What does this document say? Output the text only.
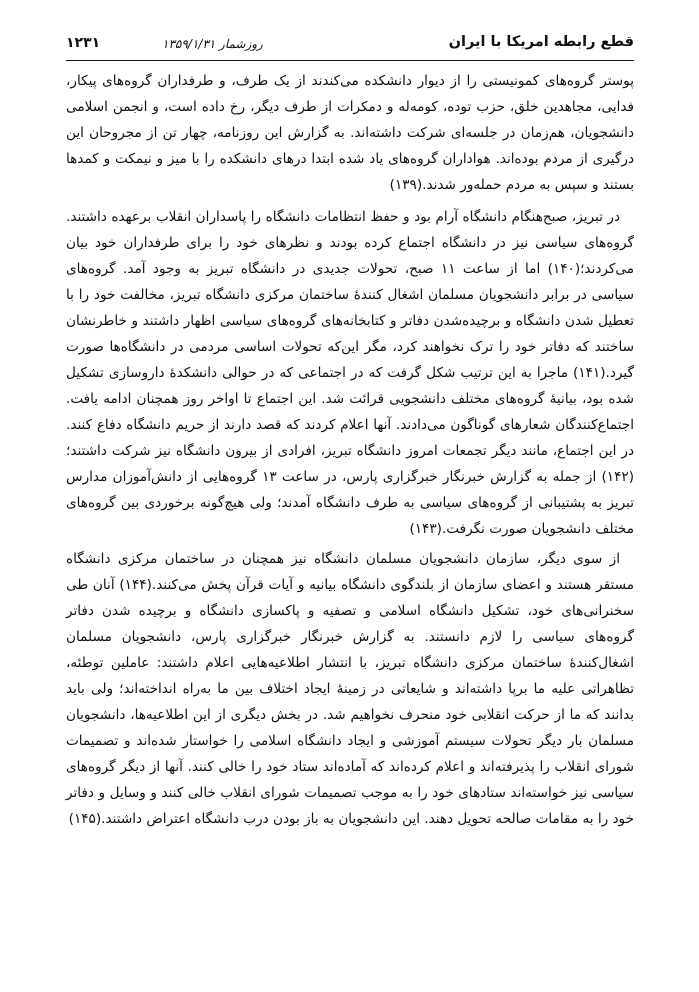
قطع رابطه امریکا با ایران
روزشمار ۱۳۵۹/۱/۳۱
۱۲۳۱

پوستر گروه‌های کمونیستی را از دیوار دانشکده می‌کندند از یک طرف، و طرفداران گروه‌های پیکار، فدایی، مجاهدین خلق، حزب توده، کومه‌له و دمکرات از طرف دیگر، رخ داده است، و انجمن اسلامی دانشجویان، هم‌زمان در جلسه‌ای شرکت داشته‌اند. به گزارش این روزنامه، چهار تن از مجروحان این درگیری از مردم بوده‌اند. هواداران گروه‌های یاد شده ابتدا درهای دانشکده را با میز و نیمکت و کمدها بستند و سپس به مردم حمله‌ور شدند.(۱۳۹)

در تبریز، صبح‌هنگام دانشگاه آرام بود و حفظ انتظامات دانشگاه را پاسداران انقلاب برعهده داشتند. گروه‌های سیاسی نیز در دانشگاه اجتماع کرده بودند و نظرهای خود را برای طرفداران خود بیان می‌کردند؛(۱۴۰) اما از ساعت ۱۱ صبح، تحولات جدیدی در دانشگاه تبریز به وجود آمد. گروه‌های سیاسی در برابر دانشجویان مسلمان اشغال کنندهٔ ساختمان مرکزی دانشگاه تبریز، مخالفت خود را با تعطیل شدن دانشگاه و برچیده‌شدن دفاتر و کتابخانه‌های گروه‌های سیاسی اظهار داشتند و خاطرنشان ساختند که دفاتر خود را ترک نخواهند کرد، مگر این‌که تحولات اساسی مردمی در دانشگاه‌ها صورت گیرد.(۱۴۱) ماجرا به این ترتیب شکل گرفت که در اجتماعی که در حوالی دانشکدهٔ داروسازی تشکیل شده بود، بیانیهٔ گروه‌های مختلف دانشجویی قرائت شد. این اجتماع تا اواخر روز همچنان ادامه یافت. اجتماع‌کنندگان شعارهای گوناگون می‌دادند. آنها اعلام کردند که قصد دارند از حریم دانشگاه دفاع کنند. در این اجتماع، مانند دیگر تجمعات امروز دانشگاه تبریز، افرادی از بیرون دانشگاه نیز شرکت داشتند؛(۱۴۲) از جمله به گزارش خبرنگار خبرگزاری پارس، در ساعت ۱۳ گروه‌هایی از دانش‌آموزان مدارس تبریز به پشتیبانی از گروه‌های سیاسی به طرف دانشگاه آمدند؛ ولی هیچ‌گونه برخوردی بین گروه‌های مختلف دانشجویان صورت نگرفت.(۱۴۳)

از سوی دیگر، سازمان دانشجویان مسلمان دانشگاه نیز همچنان در ساختمان مرکزی دانشگاه مستقر هستند و اعضای سازمان از بلندگوی دانشگاه بیانیه و آیات قرآن پخش می‌کنند.(۱۴۴) آنان طی سخنرانی‌های خود، تشکیل دانشگاه اسلامی و تصفیه و پاکسازی دانشگاه و برچیده شدن دفاتر گروه‌های سیاسی را لازم دانستند. به گزارش خبرنگار خبرگزاری پارس، دانشجویان مسلمان اشغال‌کنندهٔ ساختمان مرکزی دانشگاه تبریز، با انتشار اطلاعیه‌هایی اعلام داشتند: عاملین توطئه، تظاهراتی علیه ما برپا داشته‌اند و شایعاتی در زمینهٔ ایجاد اختلاف بین ما به‌راه انداخته‌اند؛ ولی باید بدانند که ما از حرکت انقلابی خود منحرف نخواهیم شد. در بخش دیگری از این اطلاعیه‌ها، دانشجویان مسلمان بار دیگر تحولات سیستم آموزشی و ایجاد دانشگاه اسلامی را خواستار شده‌اند و تصمیمات شورای انقلاب را پذیرفته‌اند و اعلام کرده‌اند که آماده‌اند ستاد خود را خالی کنند. آنها از دیگر گروه‌های سیاسی نیز خواسته‌اند ستادهای خود را به موجب تصمیمات شورای انقلاب خالی کنند و وسایل و دفاتر خود را به مقامات صالحه تحویل دهند. این دانشجویان به باز بودن درب دانشگاه اعتراض داشتند.(۱۴۵)
